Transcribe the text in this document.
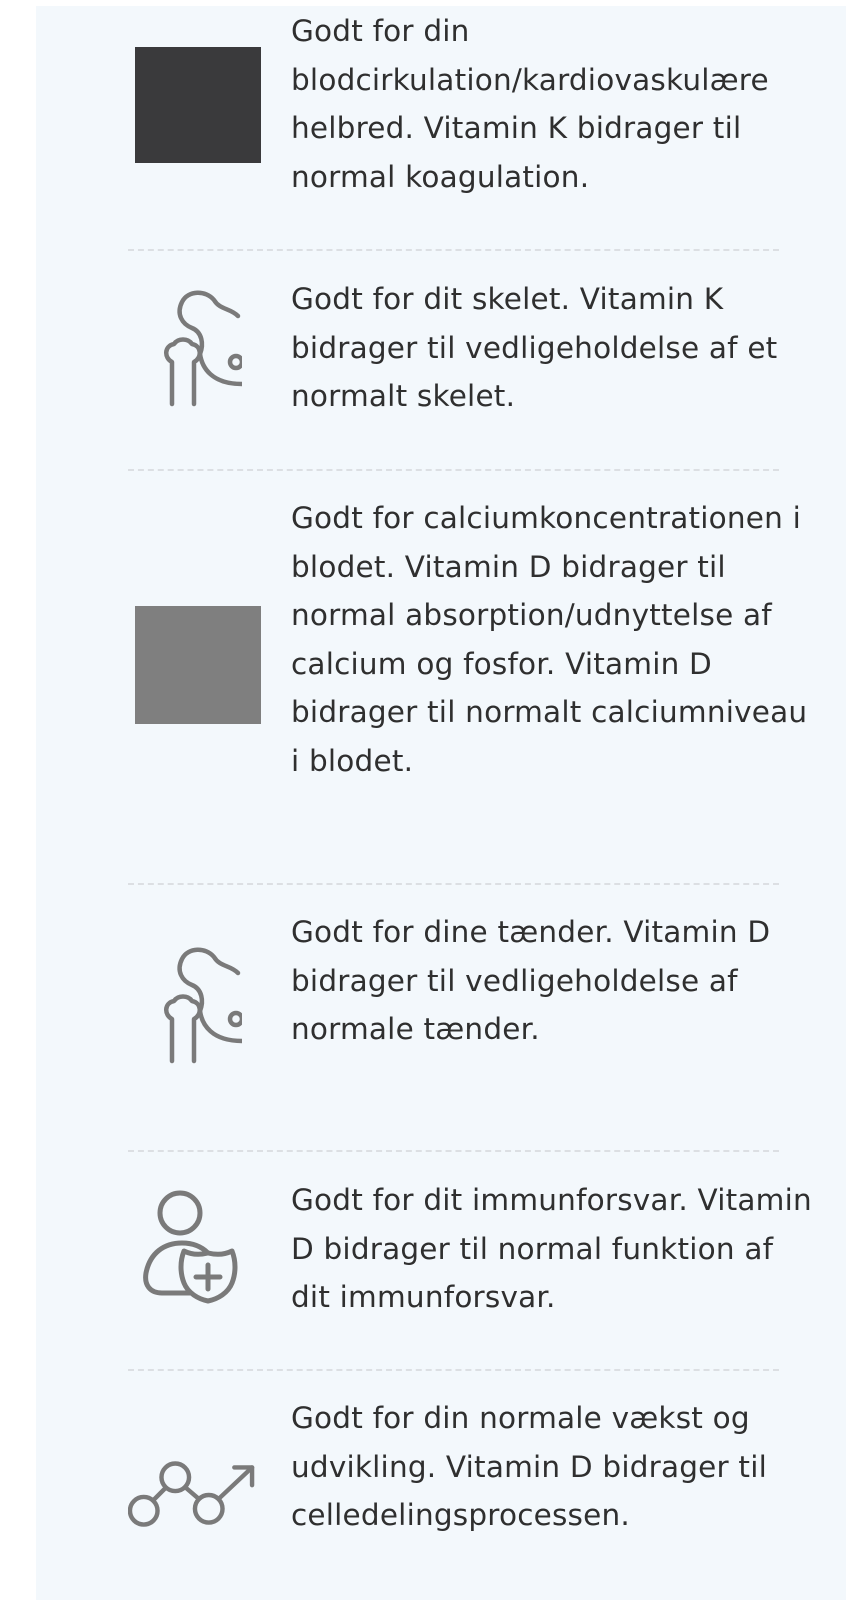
Godt for din blodcirkulation/kardiovaskulære helbred. Vitamin K bidrager til normal koagulation.
Godt for dit skelet. Vitamin K bidrager til vedligeholdelse af et normalt skelet.
Godt for calciumkoncentrationen i blodet. Vitamin D bidrager til normal absorption/udnyttelse af calcium og fosfor. Vitamin D bidrager til normalt calciumniveau i blodet.
Godt for dine tænder. Vitamin D bidrager til vedligeholdelse af normale tænder.
Godt for dit immunforsvar. Vitamin D bidrager til normal funktion af dit immunforsvar.
Godt for din normale vækst og udvikling. Vitamin D bidrager til celledelingsprocessen.
